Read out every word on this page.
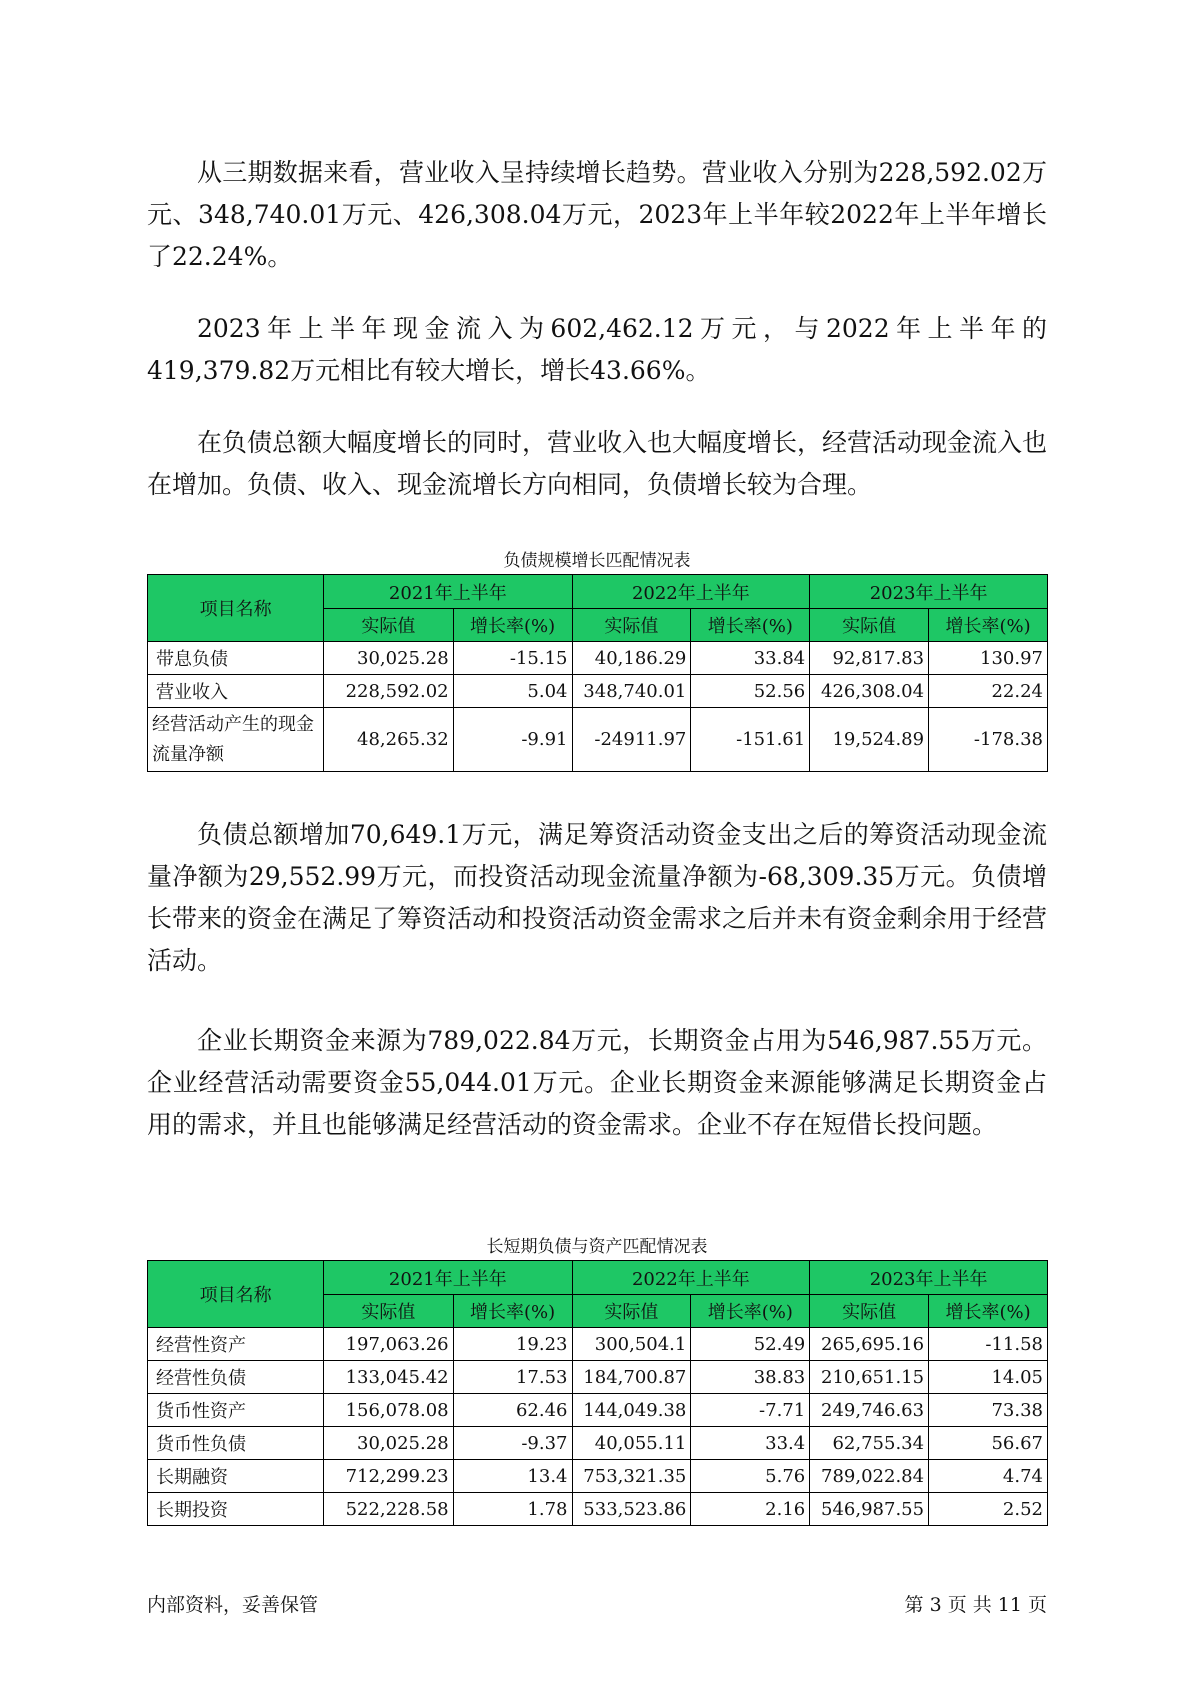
从三期数据来看，营业收入呈持续增长趋势。营业收入分别为228,592.02万元、348,740.01万元、426,308.04万元，2023年上半年较2022年上半年增长了22.24%。

2023年上半年现金流入为602,462.12万元，与2022年上半年的419,379.82万元相比有较大增长，增长43.66%。

在负债总额大幅度增长的同时，营业收入也大幅度增长，经营活动现金流入也在增加。负债、收入、现金流增长方向相同，负债增长较为合理。

负债规模增长匹配情况表

项目名称	2021年上半年		2022年上半年		2023年上半年	
	实际值	增长率(%)	实际值	增长率(%)	实际值	增长率(%)
带息负债	30,025.28	-15.15	40,186.29	33.84	92,817.83	130.97
营业收入	228,592.02	5.04	348,740.01	52.56	426,308.04	22.24
经营活动产生的现金流量净额	48,265.32	-9.91	-24911.97	-151.61	19,524.89	-178.38

负债总额增加70,649.1万元，满足筹资活动资金支出之后的筹资活动现金流量净额为29,552.99万元，而投资活动现金流量净额为-68,309.35万元。负债增长带来的资金在满足了筹资活动和投资活动资金需求之后并未有资金剩余用于经营活动。

企业长期资金来源为789,022.84万元，长期资金占用为546,987.55万元。企业经营活动需要资金55,044.01万元。企业长期资金来源能够满足长期资金占用的需求，并且也能够满足经营活动的资金需求。企业不存在短借长投问题。

长短期负债与资产匹配情况表

项目名称	2021年上半年		2022年上半年		2023年上半年	
	实际值	增长率(%)	实际值	增长率(%)	实际值	增长率(%)
经营性资产	197,063.26	19.23	300,504.1	52.49	265,695.16	-11.58
经营性负债	133,045.42	17.53	184,700.87	38.83	210,651.15	14.05
货币性资产	156,078.08	62.46	144,049.38	-7.71	249,746.63	73.38
货币性负债	30,025.28	-9.37	40,055.11	33.4	62,755.34	56.67
长期融资	712,299.23	13.4	753,321.35	5.76	789,022.84	4.74
长期投资	522,228.58	1.78	533,523.86	2.16	546,987.55	2.52

内部资料，妥善保管	第 3 页 共 11 页
